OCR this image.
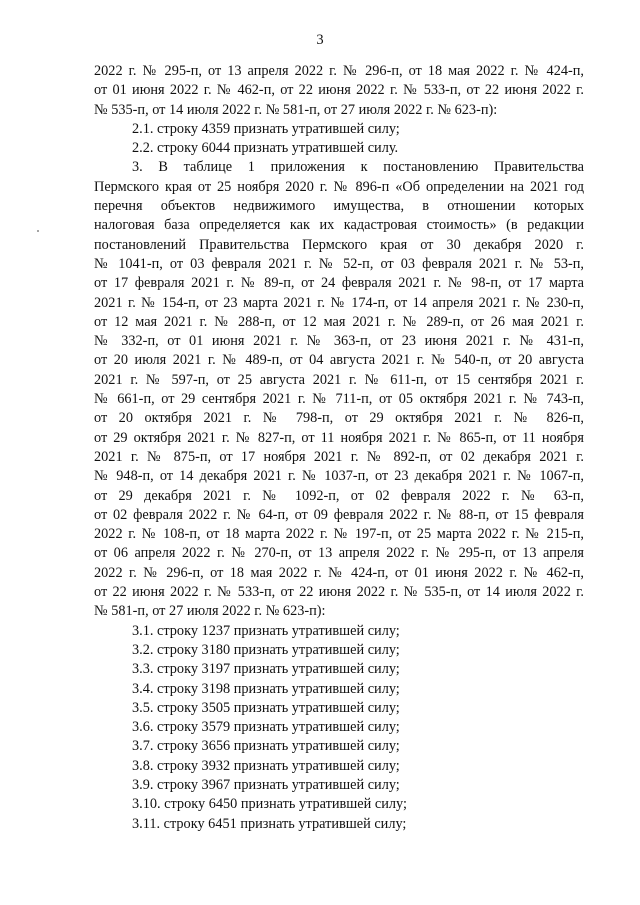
3
2022 г. № 295-п, от 13 апреля 2022 г. № 296-п, от 18 мая 2022 г. № 424-п,
от 01 июня 2022 г. № 462-п, от 22 июня 2022 г. № 533-п, от 22 июня 2022 г.
№ 535-п, от 14 июля 2022 г. № 581-п, от 27 июля 2022 г. № 623-п):
2.1. строку 4359 признать утратившей силу;
2.2. строку 6044 признать утратившей силу.
3. В таблице 1 приложения к постановлению Правительства
Пермского края от 25 ноября 2020 г. № 896-п «Об определении на 2021 год
перечня объектов недвижимого имущества, в отношении которых
налоговая база определяется как их кадастровая стоимость» (в редакции
постановлений Правительства Пермского края от 30 декабря 2020 г.
№ 1041-п, от 03 февраля 2021 г. № 52-п, от 03 февраля 2021 г. № 53-п,
от 17 февраля 2021 г. № 89-п, от 24 февраля 2021 г. № 98-п, от 17 марта
2021 г. № 154-п, от 23 марта 2021 г. № 174-п, от 14 апреля 2021 г. № 230-п,
от 12 мая 2021 г. № 288-п, от 12 мая 2021 г. № 289-п, от 26 мая 2021 г.
№ 332-п, от 01 июня 2021 г. № 363-п, от 23 июня 2021 г. № 431-п,
от 20 июля 2021 г. № 489-п, от 04 августа 2021 г. № 540-п, от 20 августа
2021 г. № 597-п, от 25 августа 2021 г. № 611-п, от 15 сентября 2021 г.
№ 661-п, от 29 сентября 2021 г. № 711-п, от 05 октября 2021 г. № 743-п,
от 20 октября 2021 г. № 798-п, от 29 октября 2021 г. № 826-п,
от 29 октября 2021 г. № 827-п, от 11 ноября 2021 г. № 865-п, от 11 ноября
2021 г. № 875-п, от 17 ноября 2021 г. № 892-п, от 02 декабря 2021 г.
№ 948-п, от 14 декабря 2021 г. № 1037-п, от 23 декабря 2021 г. № 1067-п,
от 29 декабря 2021 г. № 1092-п, от 02 февраля 2022 г. № 63-п,
от 02 февраля 2022 г. № 64-п, от 09 февраля 2022 г. № 88-п, от 15 февраля
2022 г. № 108-п, от 18 марта 2022 г. № 197-п, от 25 марта 2022 г. № 215-п,
от 06 апреля 2022 г. № 270-п, от 13 апреля 2022 г. № 295-п, от 13 апреля
2022 г. № 296-п, от 18 мая 2022 г. № 424-п, от 01 июня 2022 г. № 462-п,
от 22 июня 2022 г. № 533-п, от 22 июня 2022 г. № 535-п, от 14 июля 2022 г.
№ 581-п, от 27 июля 2022 г. № 623-п):
3.1. строку 1237 признать утратившей силу;
3.2. строку 3180 признать утратившей силу;
3.3. строку 3197 признать утратившей силу;
3.4. строку 3198 признать утратившей силу;
3.5. строку 3505 признать утратившей силу;
3.6. строку 3579 признать утратившей силу;
3.7. строку 3656 признать утратившей силу;
3.8. строку 3932 признать утратившей силу;
3.9. строку 3967 признать утратившей силу;
3.10. строку 6450 признать утратившей силу;
3.11. строку 6451 признать утратившей силу;
